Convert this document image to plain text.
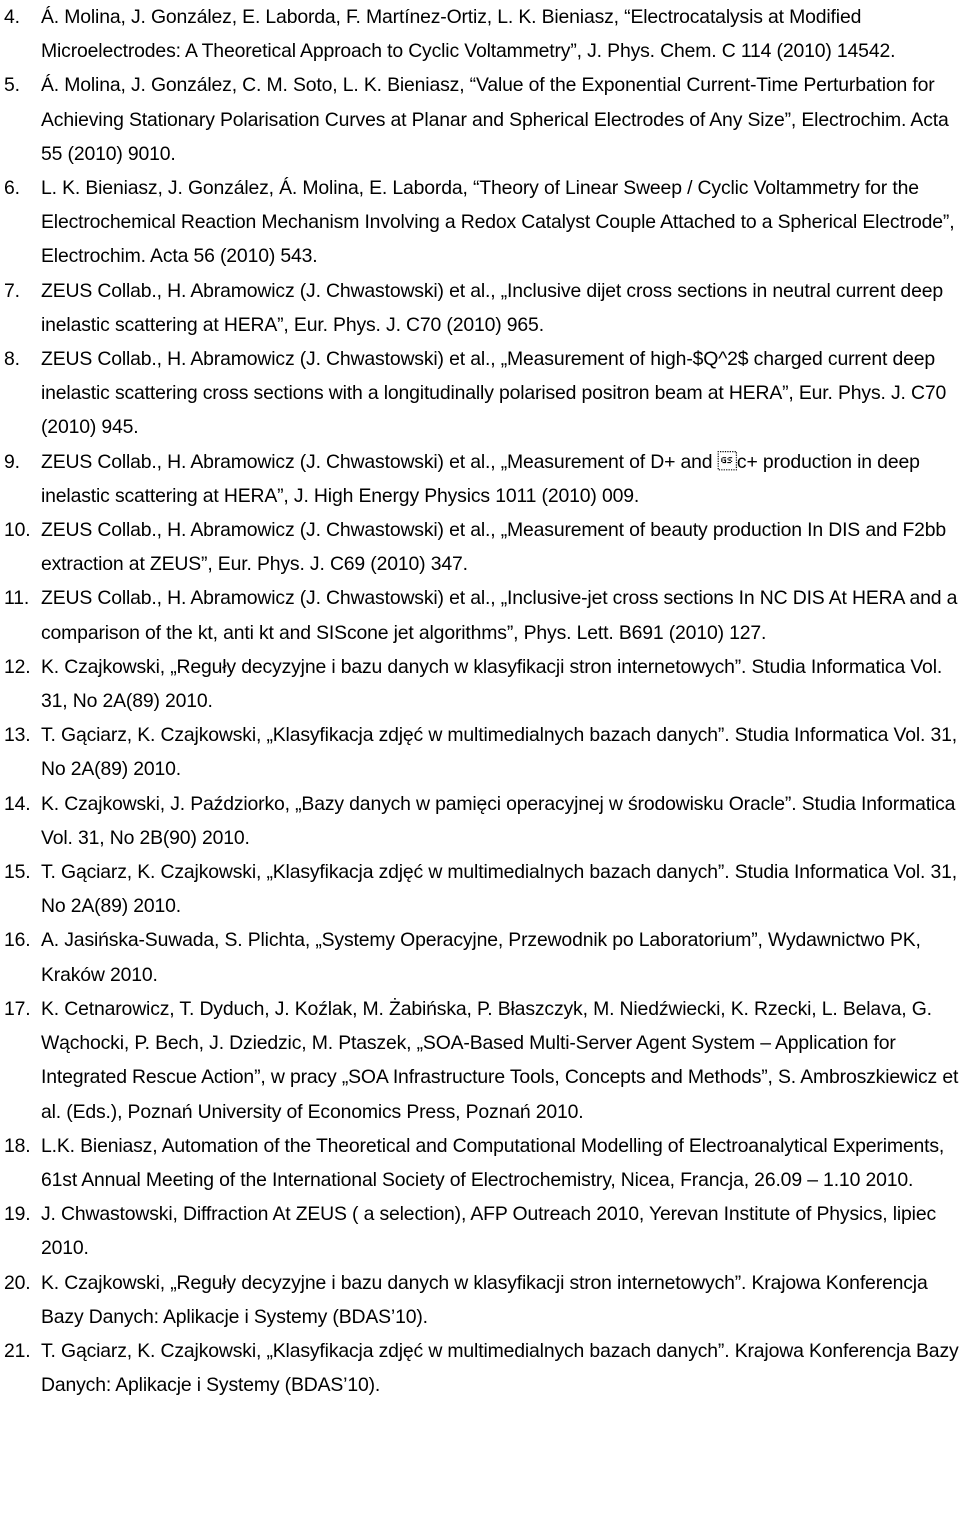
4.	Á. Molina, J. González, E. Laborda, F. Martínez-Ortiz, L. K. Bieniasz, “Electrocatalysis at Modified Microelectrodes: A Theoretical Approach to Cyclic Voltammetry”, J. Phys. Chem. C 114 (2010) 14542.
5.	Á. Molina, J. González, C. M. Soto, L. K. Bieniasz, “Value of the Exponential Current-Time Perturbation for Achieving Stationary Polarisation Curves at Planar and Spherical Electrodes of Any Size”, Electrochim. Acta 55 (2010) 9010.
6.	L. K. Bieniasz, J. González, Á. Molina, E. Laborda, “Theory of Linear Sweep / Cyclic Voltammetry for the Electrochemical Reaction Mechanism Involving a Redox Catalyst Couple Attached to a Spherical Electrode”, Electrochim. Acta 56 (2010) 543.
7.	ZEUS Collab., H. Abramowicz (J. Chwastowski) et al., „Inclusive dijet cross sections in neutral current deep inelastic scattering at HERA”, Eur. Phys. J. C70 (2010) 965.
8.	ZEUS Collab., H. Abramowicz (J. Chwastowski) et al., „Measurement of high-$Q^2$ charged current deep inelastic scattering cross sections with a longitudinally polarised positron beam at HERA”, Eur. Phys. J. C70 (2010) 945.
9.	ZEUS Collab., H. Abramowicz (J. Chwastowski) et al., „Measurement of D+ and c+ production in deep inelastic scattering at HERA”, J. High Energy Physics 1011 (2010) 009.
10. ZEUS Collab., H. Abramowicz (J. Chwastowski) et al., „Measurement of beauty production In DIS and F2bb extraction at ZEUS”, Eur. Phys. J. C69 (2010) 347.
11. ZEUS Collab., H. Abramowicz (J. Chwastowski) et al., „Inclusive-jet cross sections In NC DIS At HERA and a comparison of the kt, anti kt and SIScone jet algorithms”, Phys. Lett. B691 (2010) 127.
12. K. Czajkowski, „Reguły decyzyjne i bazu danych w klasyfikacji stron internetowych”. Studia Informatica Vol. 31, No 2A(89) 2010.
13. T. Gąciarz, K. Czajkowski, „Klasyfikacja zdjęć w multimedialnych bazach danych”. Studia Informatica Vol. 31, No 2A(89) 2010.
14. K. Czajkowski, J. Paździorko, „Bazy danych w pamięci operacyjnej w środowisku Oracle”. Studia Informatica Vol. 31, No 2B(90) 2010.
15. T. Gąciarz, K. Czajkowski, „Klasyfikacja zdjęć w multimedialnych bazach danych”. Studia Informatica Vol. 31, No 2A(89) 2010.
16. A. Jasińska-Suwada, S. Plichta, „Systemy Operacyjne, Przewodnik po Laboratorium”, Wydawnictwo PK, Kraków 2010.
17. K. Cetnarowicz, T. Dyduch, J. Koźlak, M. Żabińska, P. Błaszczyk, M. Niedźwiecki, K. Rzecki, L. Belava, G. Wąchocki, P. Bech, J. Dziedzic, M. Ptaszek, „SOA-Based Multi-Server Agent System – Application for Integrated Rescue Action”, w pracy „SOA Infrastructure Tools, Concepts and Methods”, S. Ambroszkiewicz et al. (Eds.), Poznań University of Economics Press, Poznań 2010.
18. L.K. Bieniasz, Automation of the Theoretical and Computational Modelling of Electroanalytical Experiments, 61st Annual Meeting of the International Society of Electrochemistry, Nicea, Francja, 26.09 – 1.10 2010.
19. J. Chwastowski, Diffraction At ZEUS ( a selection), AFP Outreach 2010, Yerevan Institute of Physics, lipiec 2010.
20. K. Czajkowski, „Reguły decyzyjne i bazu danych w klasyfikacji stron internetowych”. Krajowa Konferencja Bazy Danych: Aplikacje i Systemy (BDAS’10).
21. T. Gąciarz, K. Czajkowski, „Klasyfikacja zdjęć w multimedialnych bazach danych”. Krajowa Konferencja Bazy Danych: Aplikacje i Systemy (BDAS’10).
